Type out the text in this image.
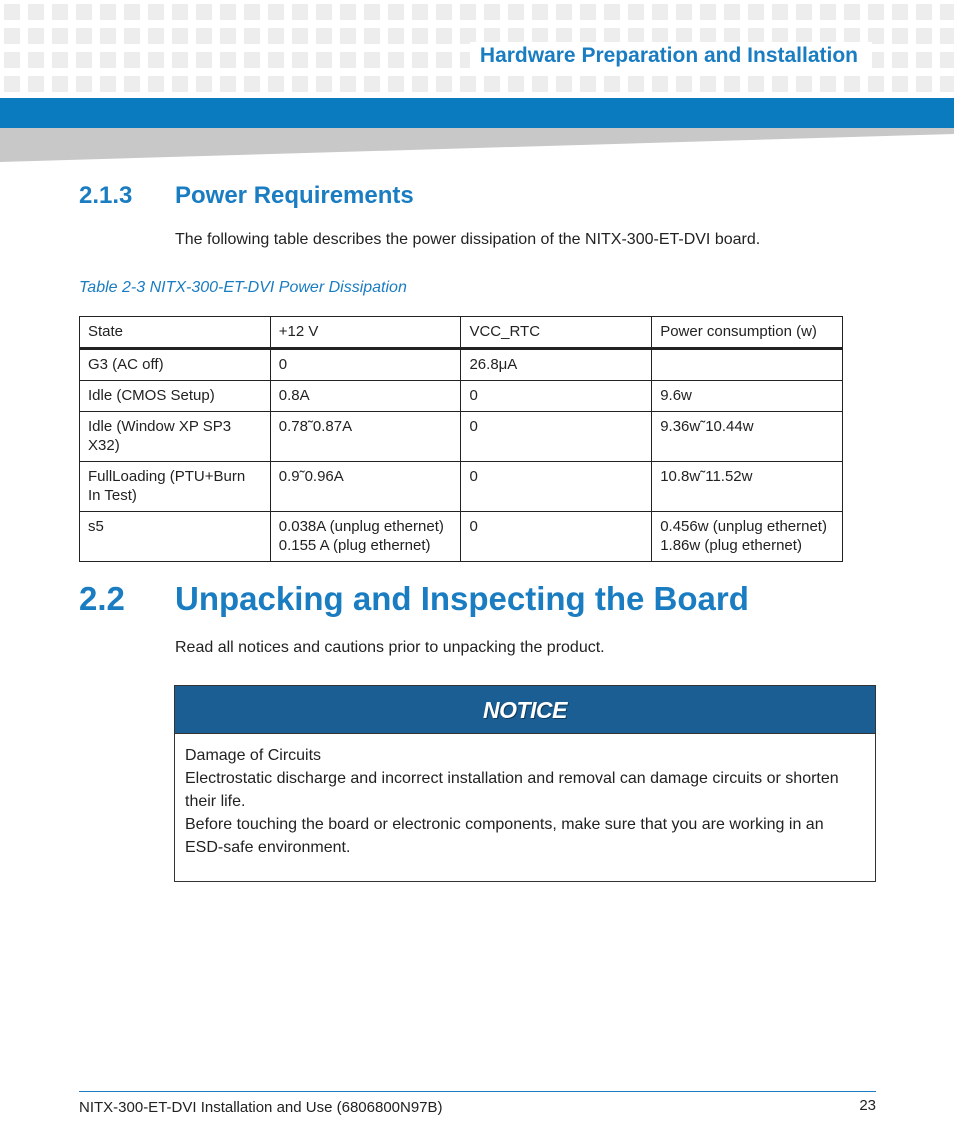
Hardware Preparation and Installation
2.1.3 Power Requirements
The following table describes the power dissipation of the NITX-300-ET-DVI board.
Table 2-3 NITX-300-ET-DVI Power Dissipation
State	+12 V	VCC_RTC	Power consumption (w)
G3 (AC off)	0	26.8μA	
Idle (CMOS Setup)	0.8A	0	9.6w
Idle (Window XP SP3 X32)	0.78˜0.87A	0	9.36w˜10.44w
FullLoading (PTU+Burn In Test)	0.9˜0.96A	0	10.8w˜11.52w
s5	0.038A (unplug ethernet) 0.155 A (plug ethernet)	0	0.456w (unplug ethernet) 1.86w (plug ethernet)
2.2 Unpacking and Inspecting the Board
Read all notices and cautions prior to unpacking the product.
NOTICE

Damage of Circuits

Electrostatic discharge and incorrect installation and removal can damage circuits or shorten their life.

Before touching the board or electronic components, make sure that you are working in an ESD-safe environment.

NITX-300-ET-DVI Installation and Use (6806800N97B)	23
